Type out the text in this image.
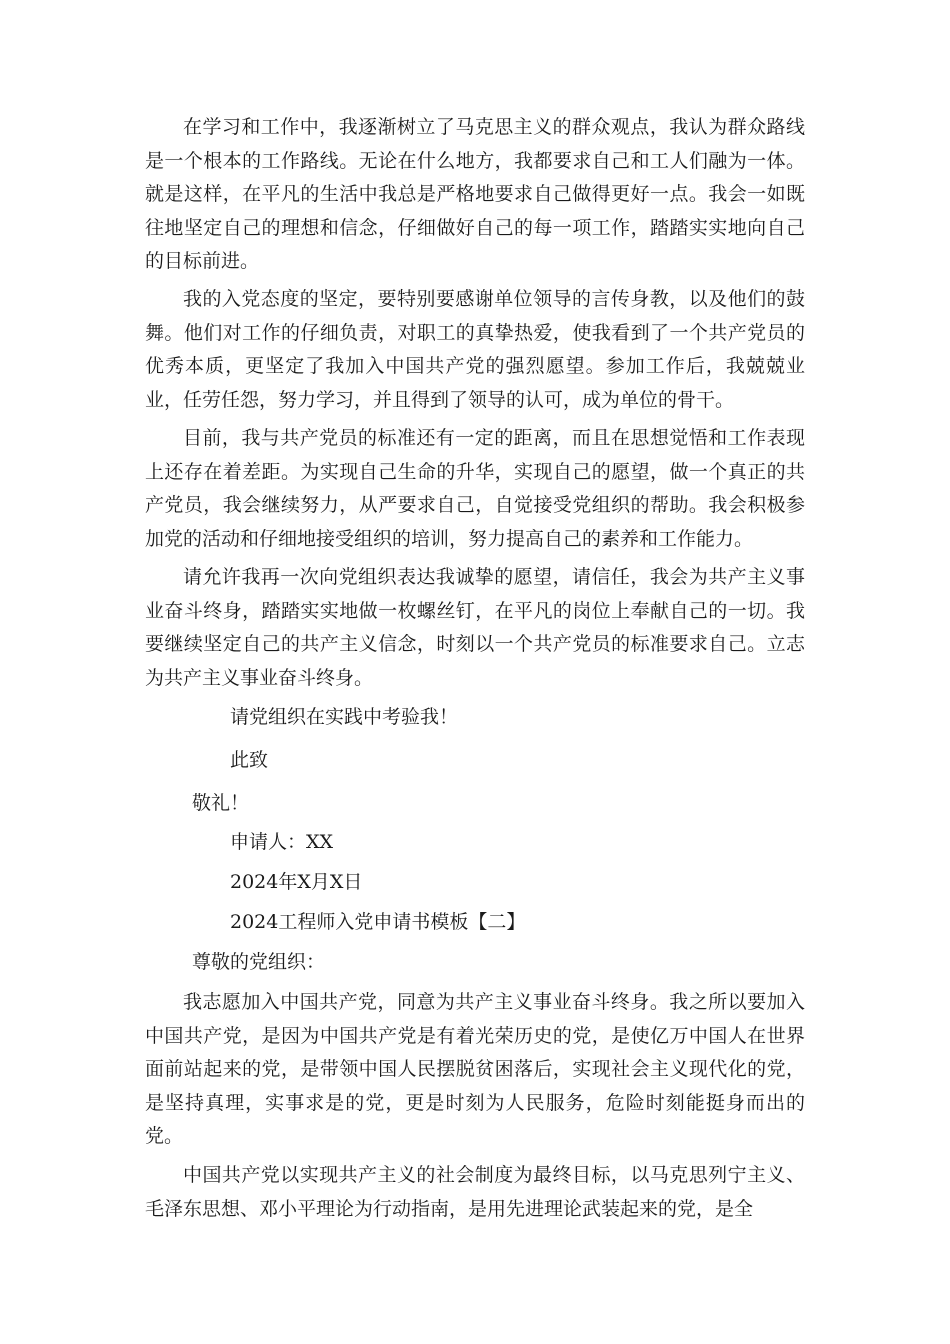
在学习和工作中，我逐渐树立了马克思主义的群众观点，我认为群众路线是一个根本的工作路线。无论在什么地方，我都要求自己和工人们融为一体。就是这样，在平凡的生活中我总是严格地要求自己做得更好一点。我会一如既往地坚定自己的理想和信念，仔细做好自己的每一项工作，踏踏实实地向自己的目标前进。

我的入党态度的坚定，要特别要感谢单位领导的言传身教，以及他们的鼓舞。他们对工作的仔细负责，对职工的真挚热爱，使我看到了一个共产党员的优秀本质，更坚定了我加入中国共产党的强烈愿望。参加工作后，我兢兢业业，任劳任怨，努力学习，并且得到了领导的认可，成为单位的骨干。

目前，我与共产党员的标准还有一定的距离，而且在思想觉悟和工作表现上还存在着差距。为实现自己生命的升华，实现自己的愿望，做一个真正的共产党员，我会继续努力，从严要求自己，自觉接受党组织的帮助。我会积极参加党的活动和仔细地接受组织的培训，努力提高自己的素养和工作能力。

请允许我再一次向党组织表达我诚挚的愿望，请信任，我会为共产主义事业奋斗终身，踏踏实实地做一枚螺丝钉，在平凡的岗位上奉献自己的一切。我要继续坚定自己的共产主义信念，时刻以一个共产党员的标准要求自己。立志为共产主义事业奋斗终身。

请党组织在实践中考验我！

此致

敬礼！

申请人：XX

2024年X月X日

2024工程师入党申请书模板【二】

尊敬的党组织：

我志愿加入中国共产党，同意为共产主义事业奋斗终身。我之所以要加入中国共产党，是因为中国共产党是有着光荣历史的党，是使亿万中国人在世界面前站起来的党，是带领中国人民摆脱贫困落后，实现社会主义现代化的党，是坚持真理，实事求是的党，更是时刻为人民服务，危险时刻能挺身而出的党。

中国共产党以实现共产主义的社会制度为最终目标，以马克思列宁主义、毛泽东思想、邓小平理论为行动指南，是用先进理论武装起来的党，是全
